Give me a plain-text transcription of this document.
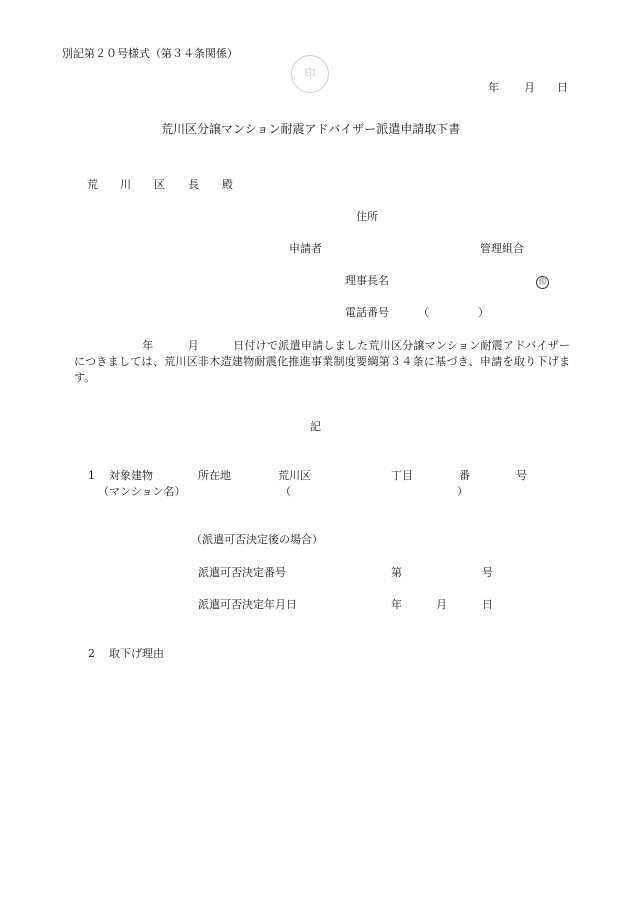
別記第２０号様式（第３４条関係）
印
年 月 日
荒川区分譲マンション耐震アドバイザー派遣申請取下書
荒 川 区 長 殿
住所
申請者	管理組合
理事長名	印
電話番号	（	）
年	月	日付けで派遣申請しました荒川区分譲マンション耐震アドバイザーにつきましては、荒川区非木造建物耐震化推進事業制度要綱第３４条に基づき、申請を取り下げます。
記
1 対象建物	所在地	荒川区	丁目	番	号
（マンション名）	（	）
（派遣可否決定後の場合）
派遣可否決定番号	第	号
派遣可否決定年月日	年	月	日
2 取下げ理由
